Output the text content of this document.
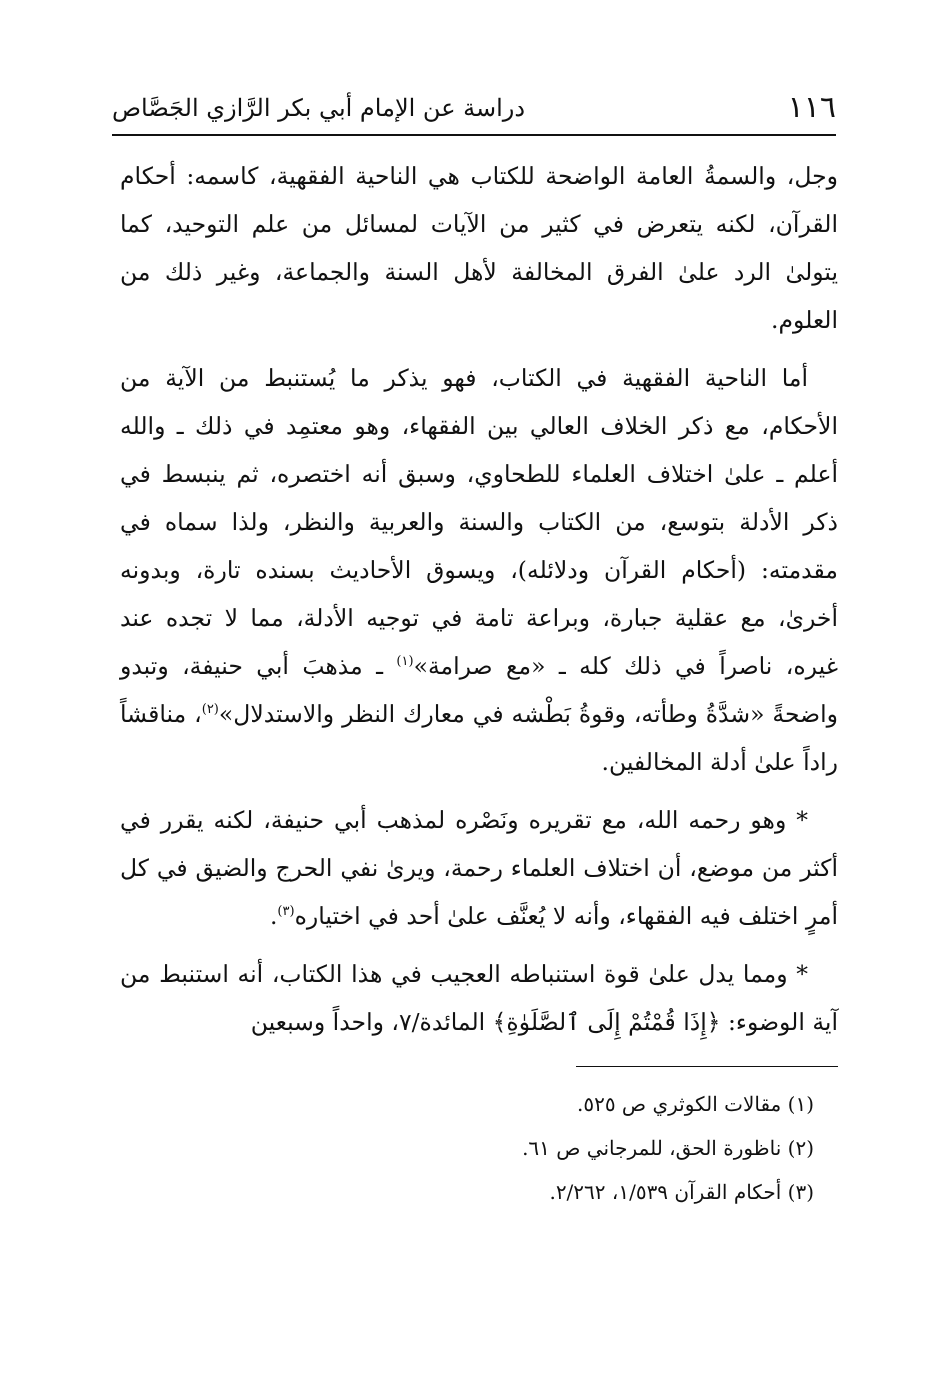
١١٦
دراسة عن الإمام أبي بكر الرَّازي الجَصَّاص

وجل، والسمةُ العامة الواضحة للكتاب هي الناحية الفقهية، كاسمه: أحكام القرآن، لكنه يتعرض في كثير من الآيات لمسائل من علم التوحيد، كما يتولىٰ الرد علىٰ الفرق المخالفة لأهل السنة والجماعة، وغير ذلك من العلوم.

أما الناحية الفقهية في الكتاب، فهو يذكر ما يُستنبط من الآية من الأحكام، مع ذكر الخلاف العالي بين الفقهاء، وهو معتمِد في ذلك ـ والله أعلم ـ علىٰ اختلاف العلماء للطحاوي، وسبق أنه اختصره، ثم ينبسط في ذكر الأدلة بتوسع، من الكتاب والسنة والعربية والنظر، ولذا سماه في مقدمته: (أحكام القرآن ودلائله)، ويسوق الأحاديث بسنده تارة، وبدونه أخرىٰ، مع عقلية جبارة، وبراعة تامة في توجيه الأدلة، مما لا تجده عند غيره، ناصراً في ذلك كله ـ «مع صرامة»$^{(١)}$ ـ مذهبَ أبي حنيفة، وتبدو واضحةً «شدَّةُ وطأته، وقوةُ بَطْشه في معارك النظر والاستدلال»$^{(٢)}$، مناقشاً راداً علىٰ أدلة المخالفين.

* وهو رحمه الله، مع تقريره ونَصْره لمذهب أبي حنيفة، لكنه يقرر في أكثر من موضع، أن اختلاف العلماء رحمة، ويرىٰ نفي الحرج والضيق في كل أمرٍ اختلف فيه الفقهاء، وأنه لا يُعنَّف علىٰ أحد في اختياره$^{(٣)}$.

* ومما يدل علىٰ قوة استنباطه العجيب في هذا الكتاب، أنه استنبط من آية الوضوء: ﴿إِذَا قُمْتُمْ إِلَى ٱلصَّلَوٰةِ﴾ المائدة/٧، واحداً وسبعين

(١) مقالات الكوثري ص ٥٢٥.

(٢) ناظورة الحق، للمرجاني ص ٦١.

(٣) أحكام القرآن ١/٥٣٩، ٢/٢٦٢.
